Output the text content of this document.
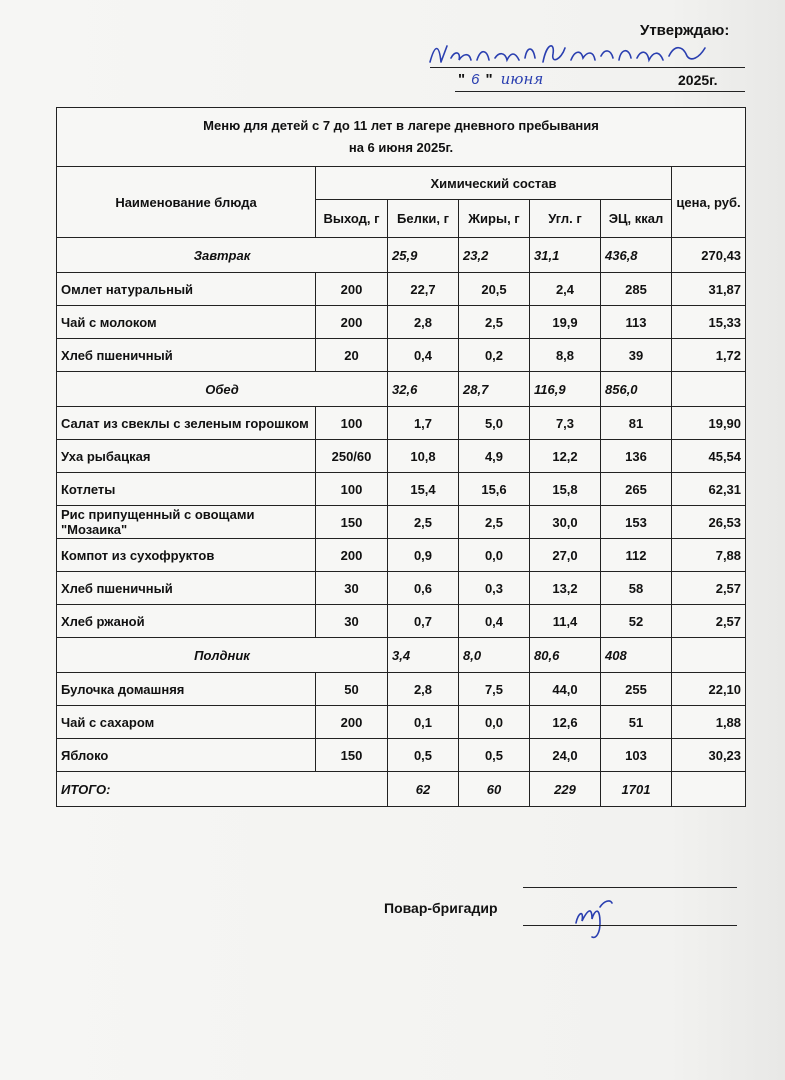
Утверждаю:
" 6 " июня	2025г.
Меню для детей с 7 до 11 лет в лагере дневного пребывания
на 6 июня 2025г.						

Наименование блюда	Химический состав					цена, руб.
	Выход, г	Белки, г	Жиры, г	Угл. г	ЭЦ, ккал	
Завтрак		25,9	23,2	31,1	436,8	270,43
Омлет натуральный	200	22,7	20,5	2,4	285	31,87
Чай с молоком	200	2,8	2,5	19,9	113	15,33
Хлеб пшеничный	20	0,4	0,2	8,8	39	1,72
Обед		32,6	28,7	116,9	856,0	
Салат из свеклы с зеленым горошком	100	1,7	5,0	7,3	81	19,90
Уха рыбацкая	250/60	10,8	4,9	12,2	136	45,54
Котлеты	100	15,4	15,6	15,8	265	62,31
Рис припущенный с овощами "Мозаика"	150	2,5	2,5	30,0	153	26,53
Компот из сухофруктов	200	0,9	0,0	27,0	112	7,88
Хлеб пшеничный	30	0,6	0,3	13,2	58	2,57
Хлеб ржаной	30	0,7	0,4	11,4	52	2,57
Полдник		3,4	8,0	80,6	408	
Булочка домашняя	50	2,8	7,5	44,0	255	22,10
Чай с сахаром	200	0,1	0,0	12,6	51	1,88
Яблоко	150	0,5	0,5	24,0	103	30,23
ИТОГО:		62	60	229	1701	
Повар-бригадир
